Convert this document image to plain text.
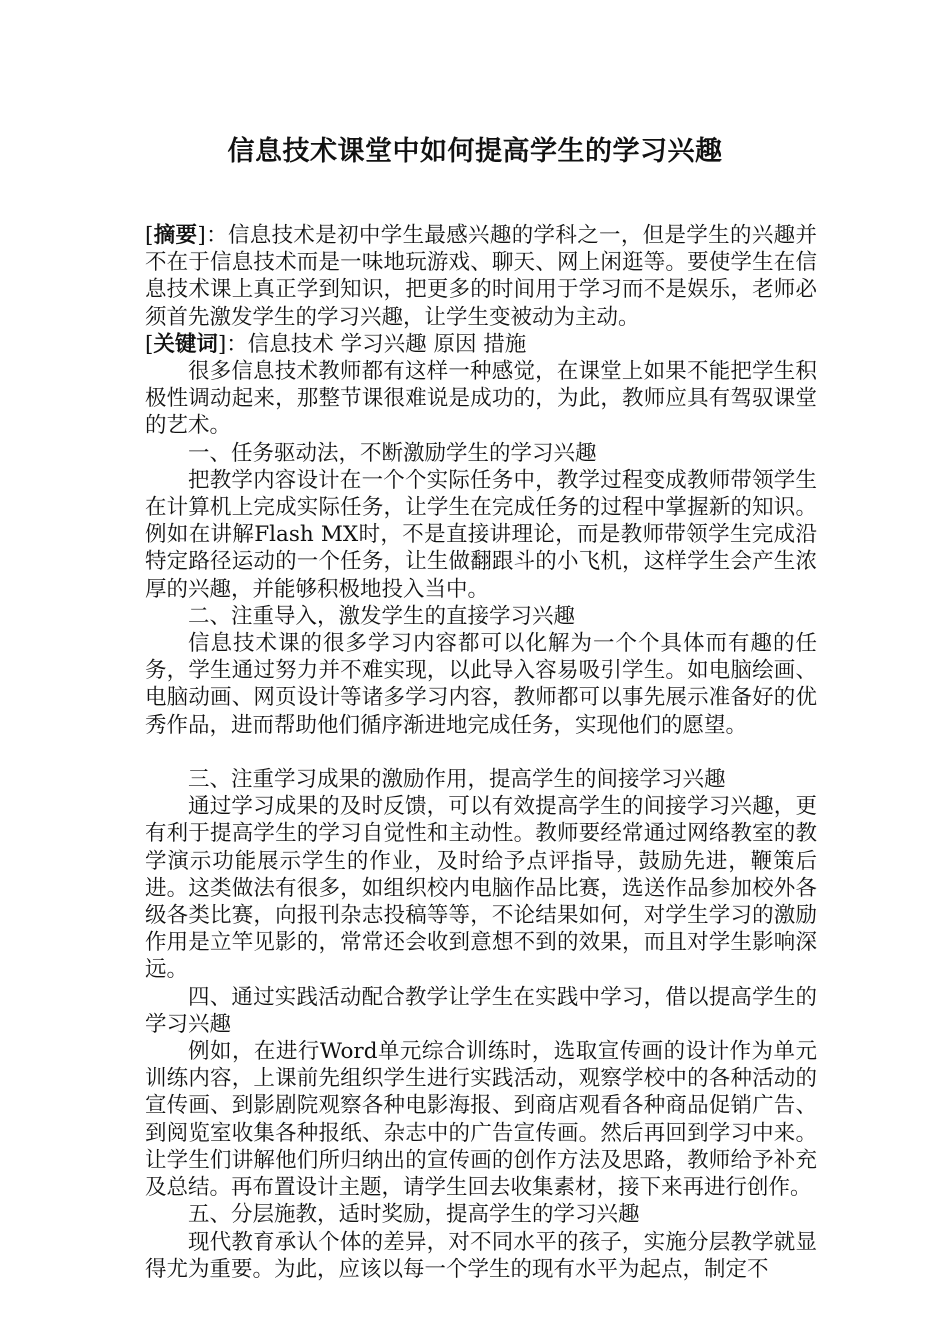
信息技术课堂中如何提高学生的学习兴趣

[摘要]：信息技术是初中学生最感兴趣的学科之一，但是学生的兴趣并不在于信息技术而是一味地玩游戏、聊天、网上闲逛等。要使学生在信息技术课上真正学到知识，把更多的时间用于学习而不是娱乐，老师必须首先激发学生的学习兴趣，让学生变被动为主动。

[关键词]：信息技术 学习兴趣 原因 措施

很多信息技术教师都有这样一种感觉，在课堂上如果不能把学生积极性调动起来，那整节课很难说是成功的，为此，教师应具有驾驭课堂的艺术。

一、任务驱动法，不断激励学生的学习兴趣

把教学内容设计在一个个实际任务中，教学过程变成教师带领学生在计算机上完成实际任务，让学生在完成任务的过程中掌握新的知识。例如在讲解Flash MX时，不是直接讲理论，而是教师带领学生完成沿特定路径运动的一个任务，让生做翻跟斗的小飞机，这样学生会产生浓厚的兴趣，并能够积极地投入当中。

二、注重导入，激发学生的直接学习兴趣

信息技术课的很多学习内容都可以化解为一个个具体而有趣的任务，学生通过努力并不难实现，以此导入容易吸引学生。如电脑绘画、电脑动画、网页设计等诸多学习内容，教师都可以事先展示准备好的优秀作品，进而帮助他们循序渐进地完成任务，实现他们的愿望。

三、注重学习成果的激励作用，提高学生的间接学习兴趣

通过学习成果的及时反馈，可以有效提高学生的间接学习兴趣，更有利于提高学生的学习自觉性和主动性。教师要经常通过网络教室的教学演示功能展示学生的作业，及时给予点评指导，鼓励先进，鞭策后进。这类做法有很多，如组织校内电脑作品比赛，选送作品参加校外各级各类比赛，向报刊杂志投稿等等，不论结果如何，对学生学习的激励作用是立竿见影的，常常还会收到意想不到的效果，而且对学生影响深远。

四、通过实践活动配合教学让学生在实践中学习，借以提高学生的学习兴趣

例如，在进行Word单元综合训练时，选取宣传画的设计作为单元训练内容，上课前先组织学生进行实践活动，观察学校中的各种活动的宣传画、到影剧院观察各种电影海报、到商店观看各种商品促销广告、到阅览室收集各种报纸、杂志中的广告宣传画。然后再回到学习中来。让学生们讲解他们所归纳出的宣传画的创作方法及思路，教师给予补充及总结。再布置设计主题，请学生回去收集素材，接下来再进行创作。

五、分层施教，适时奖励，提高学生的学习兴趣

现代教育承认个体的差异，对不同水平的孩子，实施分层教学就显得尤为重要。为此，应该以每一个学生的现有水平为起点，制定不
